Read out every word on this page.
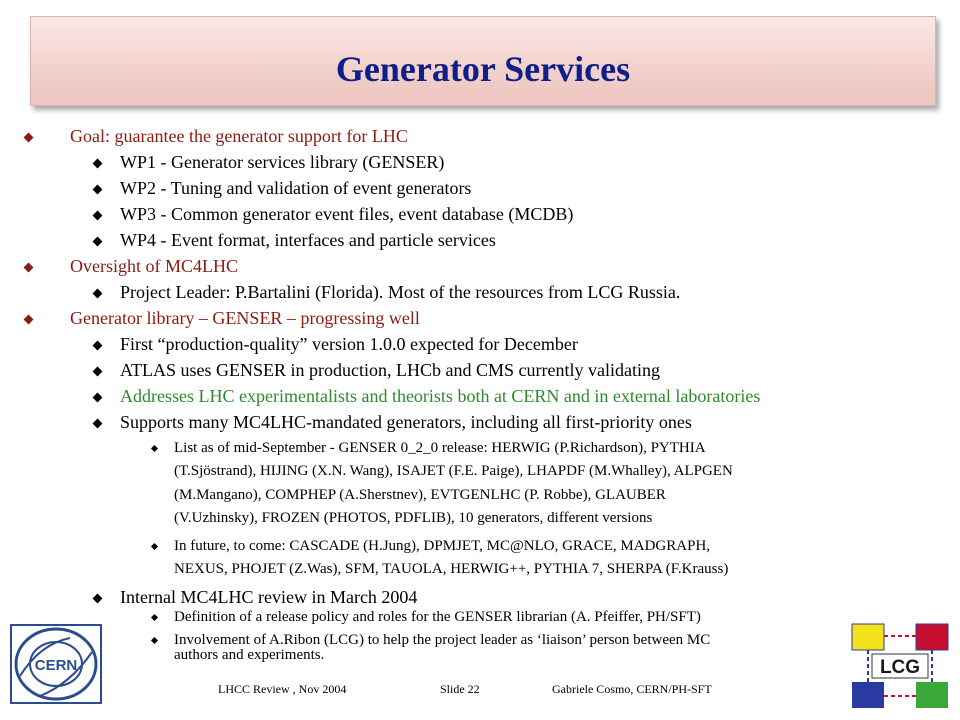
Generator Services
Goal: guarantee the generator support for LHC
WP1 - Generator services library (GENSER)
WP2 - Tuning and validation of event generators
WP3 - Common generator event files, event database (MCDB)
WP4 - Event format, interfaces and particle services
Oversight of MC4LHC
Project Leader: P.Bartalini (Florida). Most of the resources from LCG Russia.
Generator library – GENSER – progressing well
First “production-quality” version 1.0.0 expected for December
ATLAS uses GENSER in production, LHCb and CMS currently validating
Addresses LHC experimentalists and theorists both at CERN and in external laboratories
Supports many MC4LHC-mandated generators, including all first-priority ones
List as of mid-September - GENSER 0_2_0 release: HERWIG (P.Richardson), PYTHIA
(T.Sjöstrand), HIJING (X.N. Wang), ISAJET (F.E. Paige), LHAPDF (M.Whalley), ALPGEN
(M.Mangano), COMPHEP (A.Sherstnev), EVTGENLHC (P. Robbe), GLAUBER
(V.Uzhinsky), FROZEN (PHOTOS, PDFLIB), 10 generators, different versions
In future, to come: CASCADE (H.Jung), DPMJET, MC@NLO, GRACE, MADGRAPH,
NEXUS, PHOJET (Z.Was), SFM, TAUOLA, HERWIG++, PYTHIA 7, SHERPA (F.Krauss)
Internal MC4LHC review in March 2004
Definition of a release policy and roles for the GENSER librarian (A. Pfeiffer, PH/SFT)
Involvement of A.Ribon (LCG) to help the project leader as ‘liaison’ person between MC
authors and experiments.
CERN
LHCC Review , Nov 2004	Slide 22	Gabriele Cosmo, CERN/PH-SFT
LCG
